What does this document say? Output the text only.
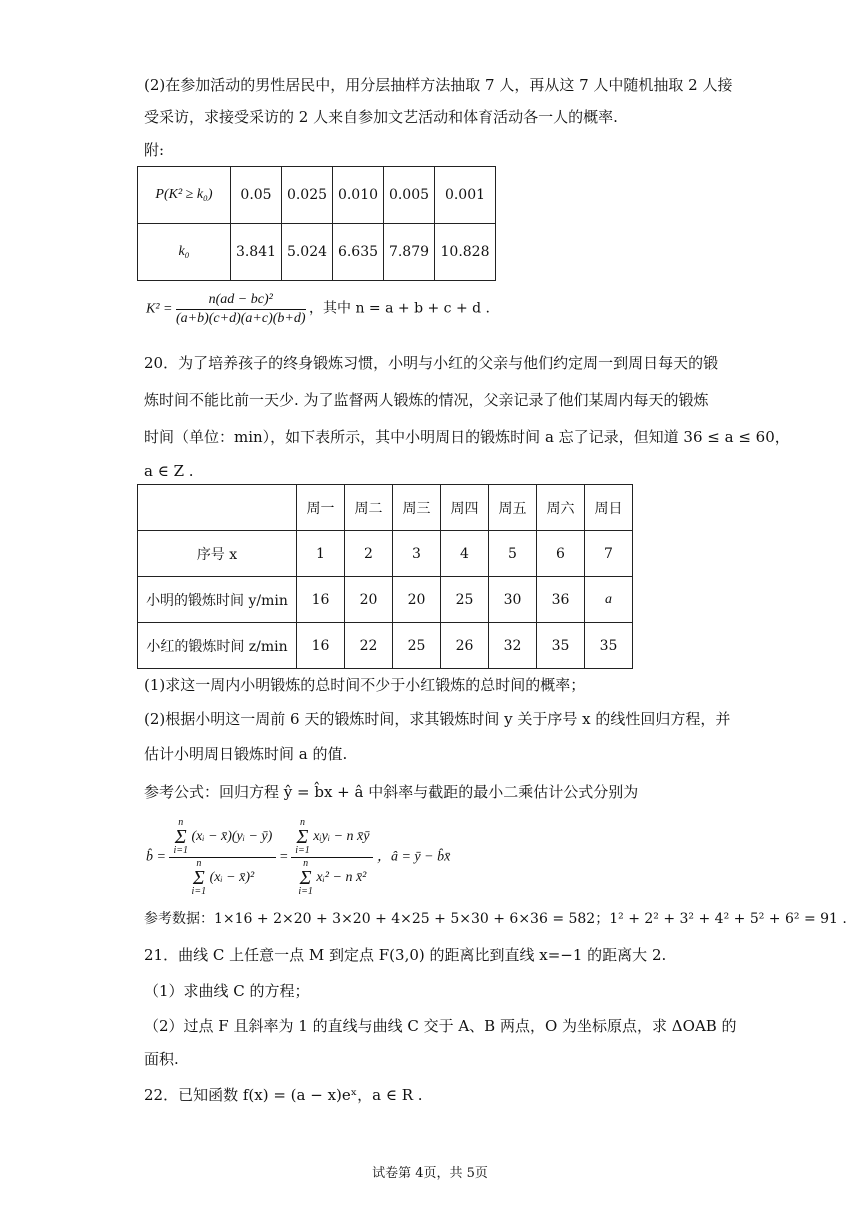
(2)在参加活动的男性居民中，用分层抽样方法抽取 7 人，再从这 7 人中随机抽取 2 人接
受采访，求接受采访的 2 人来自参加文艺活动和体育活动各一人的概率.
附:
P(K² ≥ k₀)	0.05	0.025	0.010	0.005	0.001
k₀	3.841	5.024	6.635	7.879	10.828
$K^2 = \frac{\text{n(ad − bc)²}}{(a+b)(c+d)(a+c)(b+d)}$ ，其中 n = a + b + c + d .
20．为了培养孩子的终身锻炼习惯，小明与小红的父亲与他们约定周一到周日每天的锻
炼时间不能比前一天少. 为了监督两人锻炼的情况，父亲记录了他们某周内每天的锻炼
时间（单位：min），如下表所示，其中小明周日的锻炼时间 a 忘了记录，但知道 36 ≤ a ≤ 60，
a ∈ Z .
	周一	周二	周三	周四	周五	周六	周日
序号 x	1	2	3	4	5	6	7
小明的锻炼时间 y/min	16	20	20	25	30	36	a
小红的锻炼时间 z/min	16	22	25	26	32	35	35
(1)求这一周内小明锻炼的总时间不少于小红锻炼的总时间的概率；
(2)根据小明这一周前 6 天的锻炼时间，求其锻炼时间 y 关于序号 x 的线性回归方程，并
估计小明周日锻炼时间 a 的值.
参考公式：回归方程 ŷ = b̂x + â 中斜率与截距的最小二乘估计公式分别为
b̂ = n
Σ
i=1 (xᵢ − x̄)(yᵢ − ȳ)
n
Σ
i=1 (xᵢ − x̄)² = n
Σ
i=1 xᵢyᵢ − n x̄ȳ
n
Σ
i=1 xᵢ² − n x̄² ，â = ȳ − b̂x̄
参考数据：1×16 + 2×20 + 3×20 + 4×25 + 5×30 + 6×36 = 582；1² + 2² + 3² + 4² + 5² + 6² = 91 .
21．曲线 C 上任意一点 M 到定点 F(3,0) 的距离比到直线 x=−1 的距离大 2.
（1）求曲线 C 的方程；
（2）过点 F 且斜率为 1 的直线与曲线 C 交于 A、B 两点，O 为坐标原点，求 ΔOAB 的
面积.
22．已知函数 f(x) = (a − x)eˣ，a ∈ R .
试卷第 4页，共 5页
